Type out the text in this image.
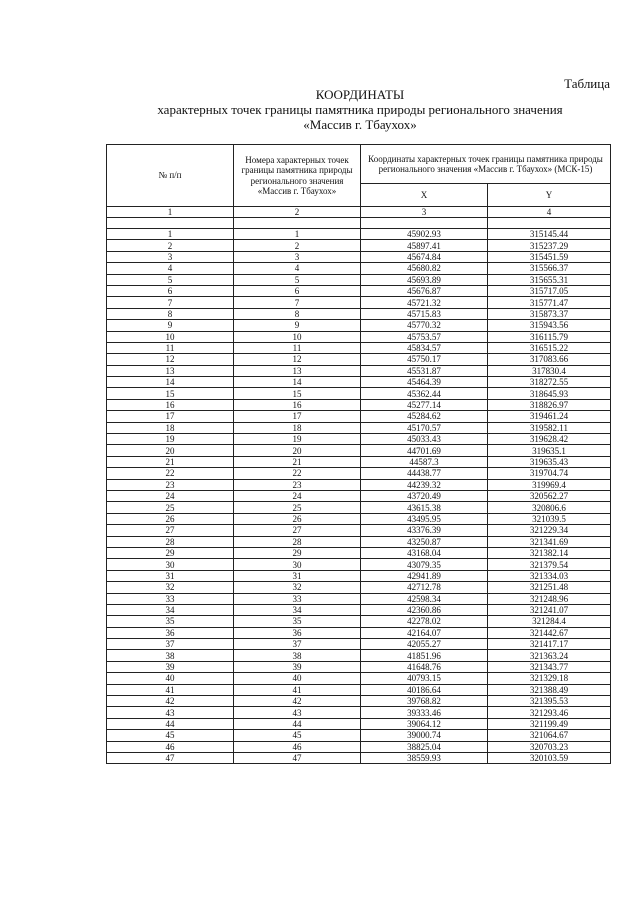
Таблица

КООРДИНАТЫ
характерных точек границы памятника природы регионального значения
«Массив г. Тбаухох»
№ п/п	Номера характерных точек границы памятника природы регионального значения «Массив г. Тбаухох»	Координаты характерных точек границы памятника природы регионального значения «Массив г. Тбаухох» (МСК-15)	
		X	Y
1	2	3	4

1	1	45902.93	315145.44
2	2	45897.41	315237.29
3	3	45674.84	315451.59
4	4	45680.82	315566.37
5	5	45693.89	315655.31
6	6	45676.87	315717.05
7	7	45721.32	315771.47
8	8	45715.83	315873.37
9	9	45770.32	315943.56
10	10	45753.57	316115.79
11	11	45834.57	316515.22
12	12	45750.17	317083.66
13	13	45531.87	317830.4
14	14	45464.39	318272.55
15	15	45362.44	318645.93
16	16	45277.14	318826.97
17	17	45284.62	319461.24
18	18	45170.57	319582.11
19	19	45033.43	319628.42
20	20	44701.69	319635.1
21	21	44587.3	319635.43
22	22	44438.77	319704.74
23	23	44239.32	319969.4
24	24	43720.49	320562.27
25	25	43615.38	320806.6
26	26	43495.95	321039.5
27	27	43376.39	321229.34
28	28	43250.87	321341.69
29	29	43168.04	321382.14
30	30	43079.35	321379.54
31	31	42941.89	321334.03
32	32	42712.78	321251.48
33	33	42598.34	321248.96
34	34	42360.86	321241.07
35	35	42278.02	321284.4
36	36	42164.07	321442.67
37	37	42055.27	321417.17
38	38	41851.96	321363.24
39	39	41648.76	321343.77
40	40	40793.15	321329.18
41	41	40186.64	321388.49
42	42	39768.82	321395.53
43	43	39333.46	321293.46
44	44	39064.12	321199.49
45	45	39000.74	321064.67
46	46	38825.04	320703.23
47	47	38559.93	320103.59
